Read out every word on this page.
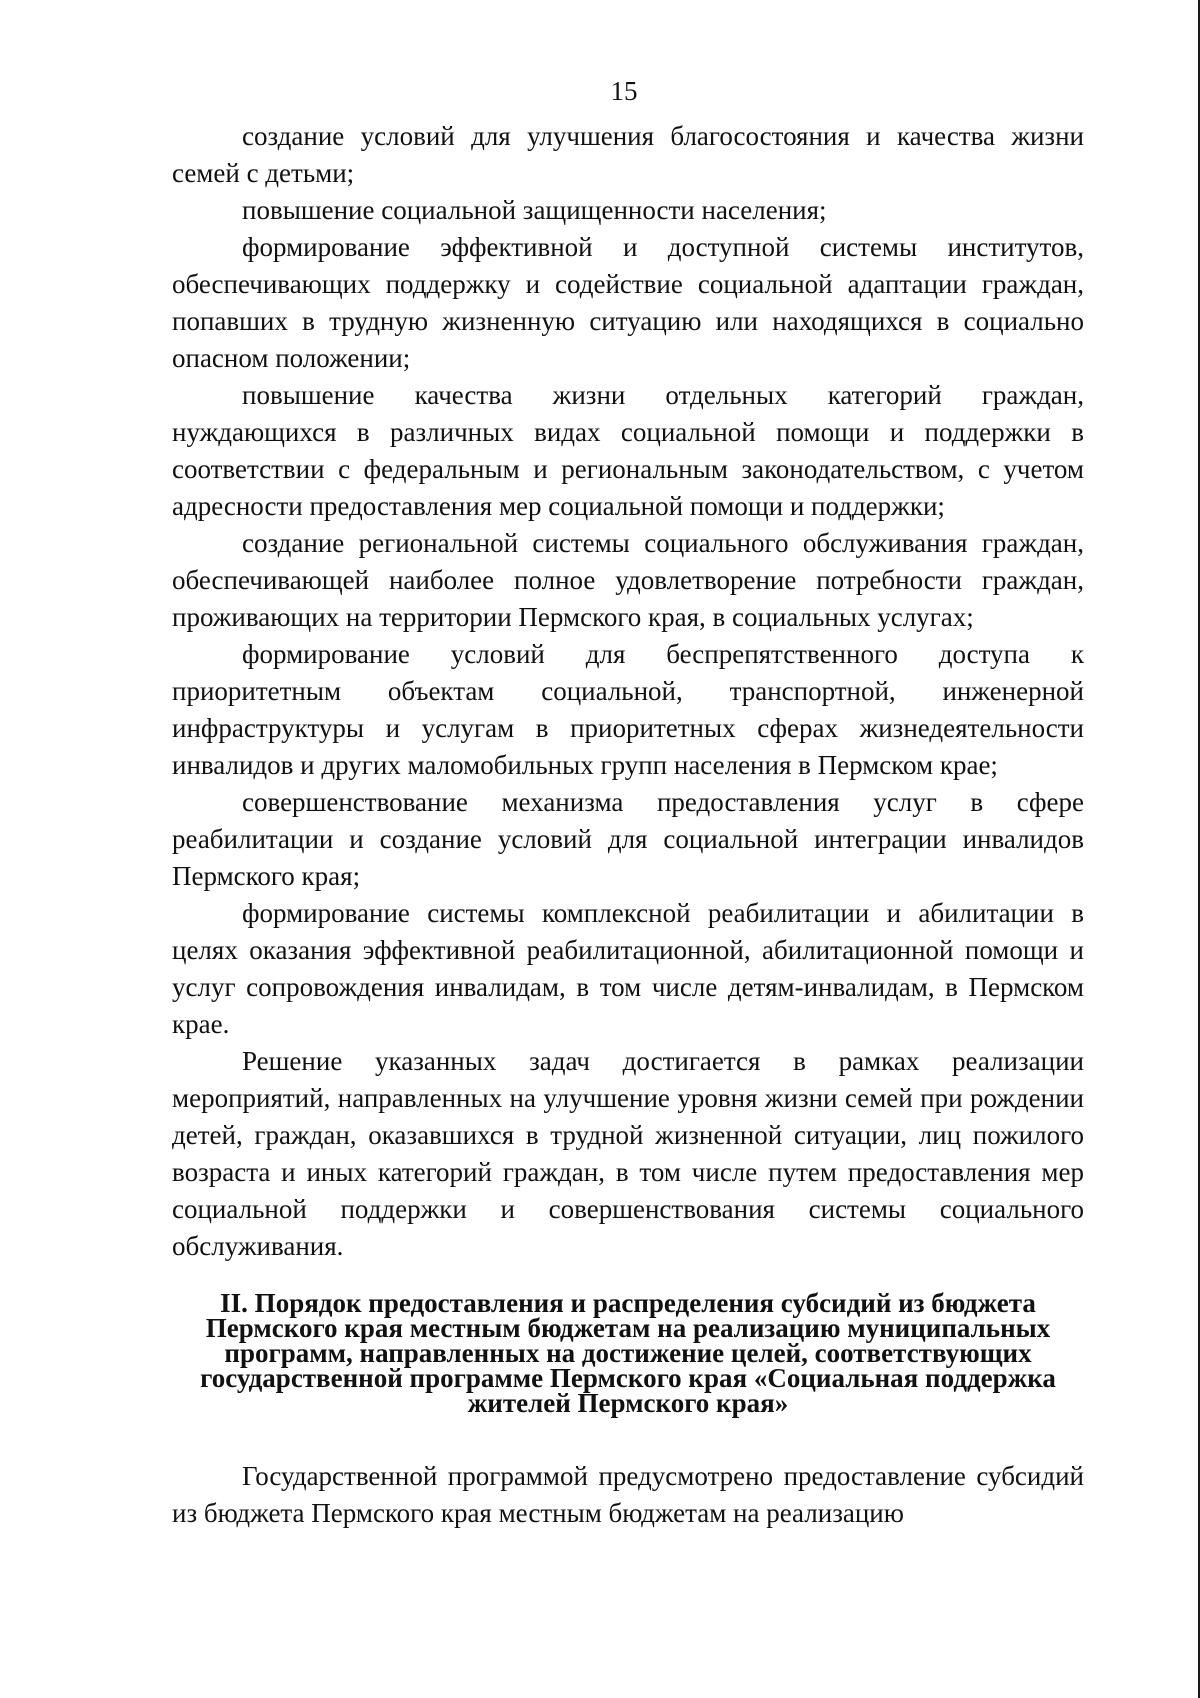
15

создание условий для улучшения благосостояния и качества жизни семей с детьми;

повышение социальной защищенности населения;

формирование эффективной и доступной системы институтов, обеспечивающих поддержку и содействие социальной адаптации граждан, попавших в трудную жизненную ситуацию или находящихся в социально опасном положении;

повышение качества жизни отдельных категорий граждан, нуждающихся в различных видах социальной помощи и поддержки в соответствии с федеральным и региональным законодательством, с учетом адресности предоставления мер социальной помощи и поддержки;

создание региональной системы социального обслуживания граждан, обеспечивающей наиболее полное удовлетворение потребности граждан, проживающих на территории Пермского края, в социальных услугах;

формирование условий для беспрепятственного доступа к приоритетным объектам социальной, транспортной, инженерной инфраструктуры и услугам в приоритетных сферах жизнедеятельности инвалидов и других маломобильных групп населения в Пермском крае;

совершенствование механизма предоставления услуг в сфере реабилитации и создание условий для социальной интеграции инвалидов Пермского края;

формирование системы комплексной реабилитации и абилитации в целях оказания эффективной реабилитационной, абилитационной помощи и услуг сопровождения инвалидам, в том числе детям-инвалидам, в Пермском крае.

Решение указанных задач достигается в рамках реализации мероприятий, направленных на улучшение уровня жизни семей при рождении детей, граждан, оказавшихся в трудной жизненной ситуации, лиц пожилого возраста и иных категорий граждан, в том числе путем предоставления мер социальной поддержки и совершенствования системы социального обслуживания.

II. Порядок предоставления и распределения субсидий из бюджета Пермского края местным бюджетам на реализацию муниципальных программ, направленных на достижение целей, соответствующих государственной программе Пермского края «Социальная поддержка жителей Пермского края»

Государственной программой предусмотрено предоставление субсидий из бюджета Пермского края местным бюджетам на реализацию
